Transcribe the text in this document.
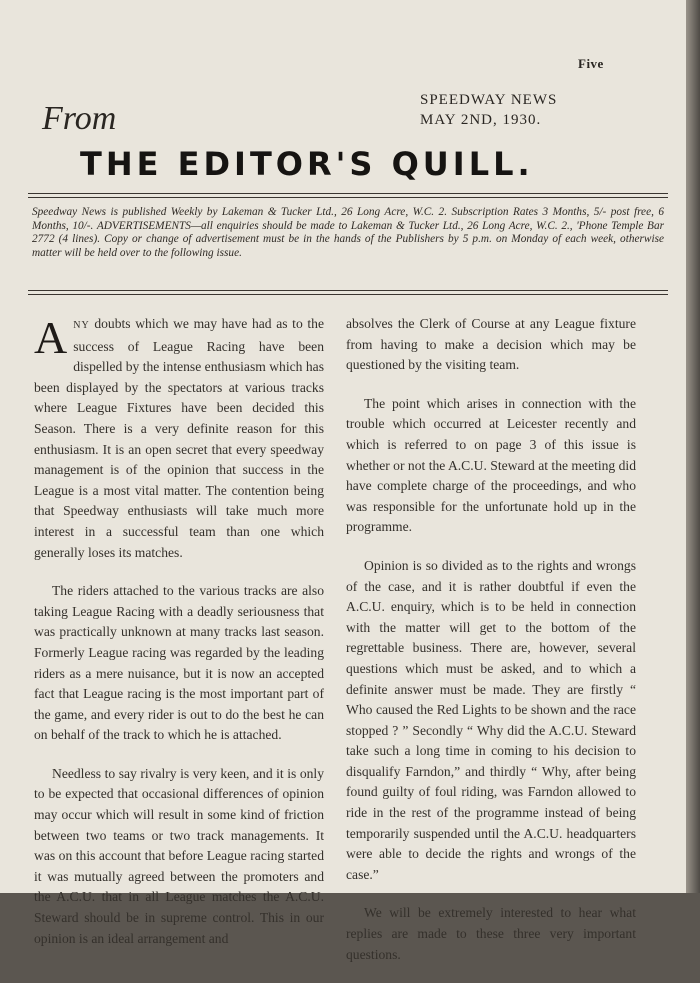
Five
SPEEDWAY NEWS
MAY 2ND, 1930.
From
THE EDITOR'S QUILL.
Speedway News is published Weekly by Lakeman & Tucker Ltd., 26 Long Acre, W.C. 2. Subscription Rates 3 Months, 5/- post free, 6 Months, 10/-. ADVERTISEMENTS—all enquiries should be made to Lakeman & Tucker Ltd., 26 Long Acre, W.C. 2., 'Phone Temple Bar 2772 (4 lines). Copy or change of advertisement must be in the hands of the Publishers by 5 p.m. on Monday of each week, otherwise matter will be held over to the following issue.

ANY doubts which we may have had as to the success of League Racing have been dispelled by the intense enthusiasm which has been displayed by the spectators at various tracks where League Fixtures have been decided this Season. There is a very definite reason for this enthusiasm. It is an open secret that every speedway management is of the opinion that success in the League is a most vital matter. The contention being that Speedway enthusiasts will take much more interest in a successful team than one which generally loses its matches.

The riders attached to the various tracks are also taking League Racing with a deadly seriousness that was practically unknown at many tracks last season. Formerly League racing was regarded by the leading riders as a mere nuisance, but it is now an accepted fact that League racing is the most important part of the game, and every rider is out to do the best he can on behalf of the track to which he is attached.

Needless to say rivalry is very keen, and it is only to be expected that occasional differences of opinion may occur which will result in some kind of friction between two teams or two track managements. It was on this account that before League racing started it was mutually agreed between the promoters and the A.C.U. that in all League matches the A.C.U. Steward should be in supreme control. This in our opinion is an ideal arrangement and

absolves the Clerk of Course at any League fixture from having to make a decision which may be questioned by the visiting team.

The point which arises in connection with the trouble which occurred at Leicester recently and which is referred to on page 3 of this issue is whether or not the A.C.U. Steward at the meeting did have complete charge of the proceedings, and who was responsible for the unfortunate hold up in the programme.

Opinion is so divided as to the rights and wrongs of the case, and it is rather doubtful if even the A.C.U. enquiry, which is to be held in connection with the matter will get to the bottom of the regrettable business. There are, however, several questions which must be asked, and to which a definite answer must be made. They are firstly “ Who caused the Red Lights to be shown and the race stopped ? ” Secondly “ Why did the A.C.U. Steward take such a long time in coming to his decision to disqualify Farndon,” and thirdly “ Why, after being found guilty of foul riding, was Farndon allowed to ride in the rest of the programme instead of being temporarily suspended until the A.C.U. headquarters were able to decide the rights and wrongs of the case.”

We will be extremely interested to hear what replies are made to these three very important questions.
